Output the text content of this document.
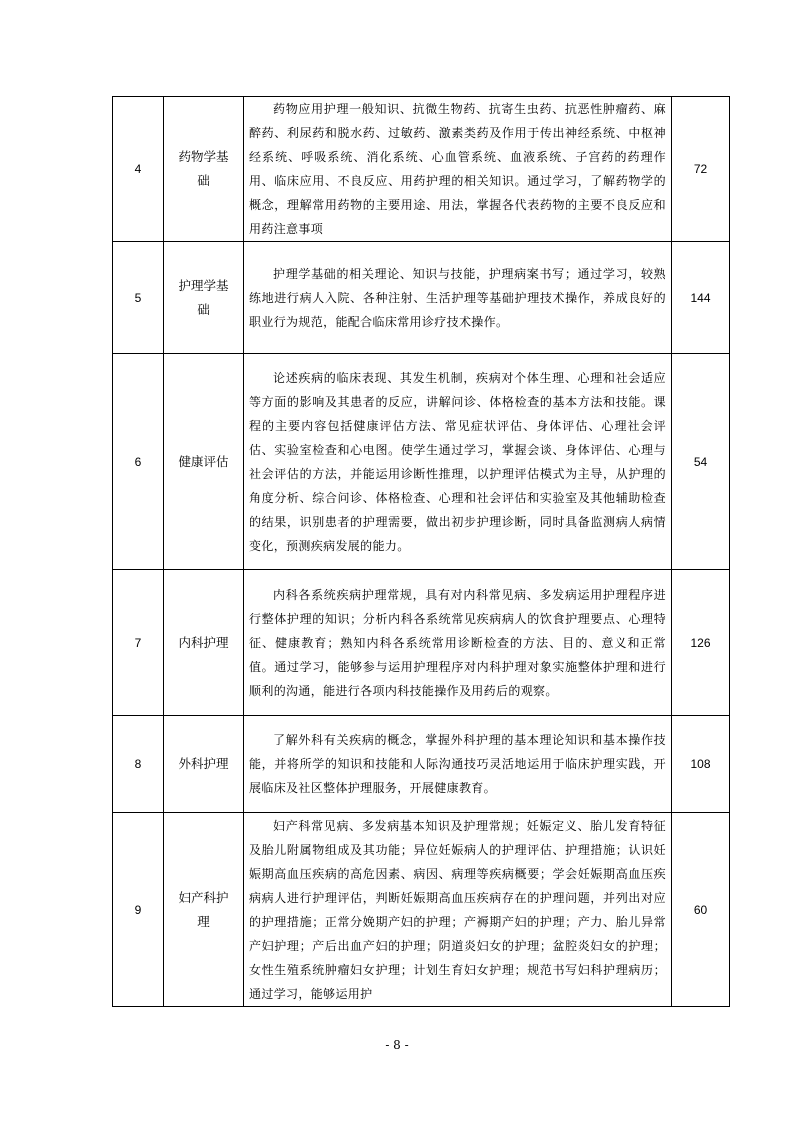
4	药物学基础	药物应用护理一般知识、抗微生物药、抗寄生虫药、抗恶性肿瘤药、麻醉药、利尿药和脱水药、过敏药、激素类药及作用于传出神经系统、中枢神经系统、呼吸系统、消化系统、心血管系统、血液系统、子宫药的药理作用、临床应用、不良反应、用药护理的相关知识。通过学习，了解药物学的概念，理解常用药物的主要用途、用法，掌握各代表药物的主要不良反应和用药注意事项	72
5	护理学基础	护理学基础的相关理论、知识与技能，护理病案书写；通过学习，较熟练地进行病人入院、各种注射、生活护理等基础护理技术操作，养成良好的职业行为规范，能配合临床常用诊疗技术操作。	144
6	健康评估	论述疾病的临床表现、其发生机制，疾病对个体生理、心理和社会适应等方面的影响及其患者的反应，讲解问诊、体格检查的基本方法和技能。课程的主要内容包括健康评估方法、常见症状评估、身体评估、心理社会评估、实验室检查和心电图。使学生通过学习，掌握会谈、身体评估、心理与社会评估的方法，并能运用诊断性推理，以护理评估模式为主导，从护理的角度分析、综合问诊、体格检查、心理和社会评估和实验室及其他辅助检查的结果，识别患者的护理需要，做出初步护理诊断，同时具备监测病人病情变化，预测疾病发展的能力。	54
7	内科护理	内科各系统疾病护理常规，具有对内科常见病、多发病运用护理程序进行整体护理的知识；分析内科各系统常见疾病病人的饮食护理要点、心理特征、健康教育；熟知内科各系统常用诊断检查的方法、目的、意义和正常值。通过学习，能够参与运用护理程序对内科护理对象实施整体护理和进行顺利的沟通，能进行各项内科技能操作及用药后的观察。	126
8	外科护理	了解外科有关疾病的概念，掌握外科护理的基本理论知识和基本操作技能，并将所学的知识和技能和人际沟通技巧灵活地运用于临床护理实践，开展临床及社区整体护理服务，开展健康教育。	108
9	妇产科护理	妇产科常见病、多发病基本知识及护理常规；妊娠定义、胎儿发育特征及胎儿附属物组成及其功能；异位妊娠病人的护理评估、护理措施；认识妊娠期高血压疾病的高危因素、病因、病理等疾病概要；学会妊娠期高血压疾病病人进行护理评估，判断妊娠期高血压疾病存在的护理问题，并列出对应的护理措施；正常分娩期产妇的护理；产褥期产妇的护理；产力、胎儿异常产妇护理；产后出血产妇的护理；阴道炎妇女的护理；盆腔炎妇女的护理；女性生殖系统肿瘤妇女护理；计划生育妇女护理；规范书写妇科护理病历；通过学习，能够运用护	60
- 8 -
